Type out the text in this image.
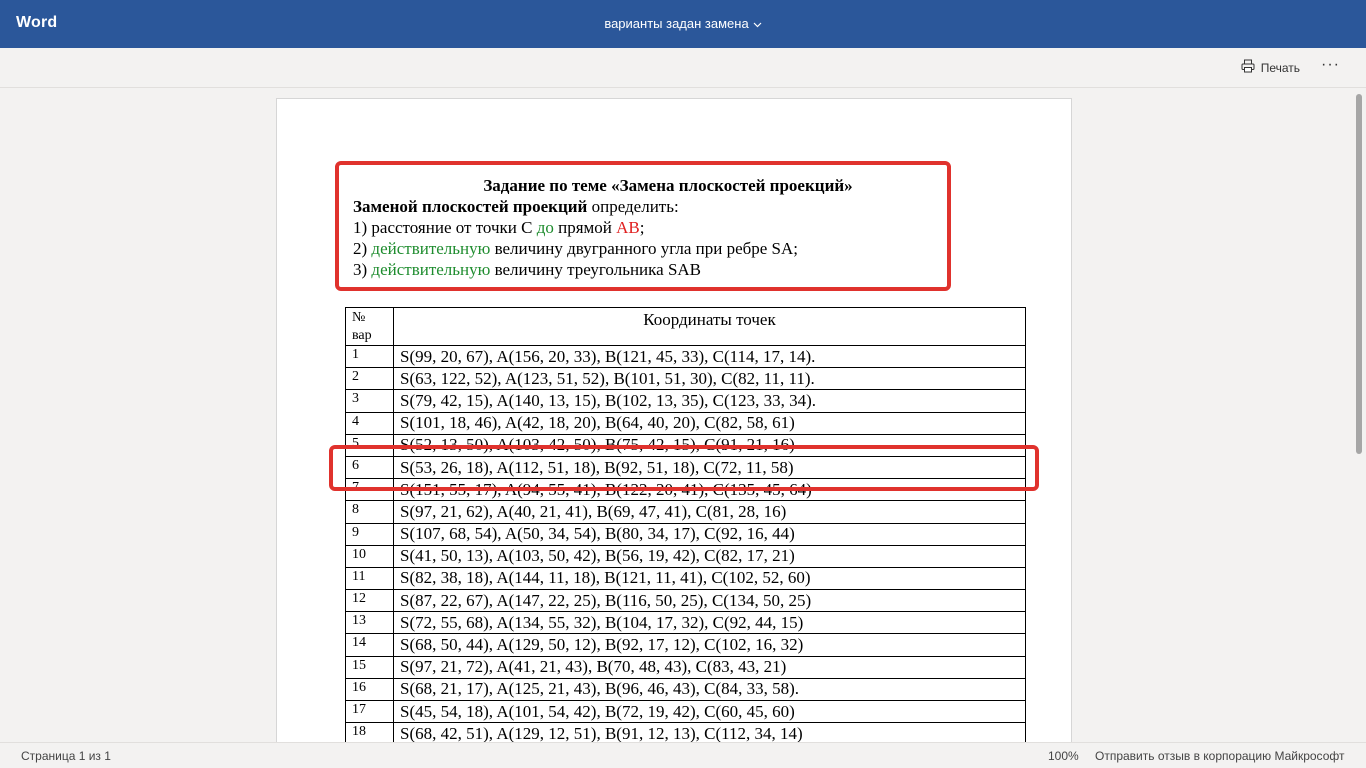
Word	варианты задан замена
Печать ···
Задание по теме «Замена плоскостей проекций»
Заменой плоскостей проекций определить:
1) расстояние от точки С до прямой АВ;
2) действительную величину двугранного угла при ребре SA;
3) действительную величину треугольника SAB
№
вар	Координаты точек
1	S(99, 20, 67), A(156, 20, 33), B(121, 45, 33), C(114, 17, 14).
2	S(63, 122, 52), A(123, 51, 52), B(101, 51, 30), C(82, 11, 11).
3	S(79, 42, 15), A(140, 13, 15), B(102, 13, 35), C(123, 33, 34).
4	S(101, 18, 46), A(42, 18, 20), B(64, 40, 20), C(82, 58, 61)
5	S(52, 13, 50), A(103, 42, 50), B(75, 42, 15), C(91, 21, 16)
6	S(53, 26, 18), A(112, 51, 18), B(92, 51, 18), C(72, 11, 58)
7	S(151, 55, 17), A(94, 55, 41), B(122, 20, 41), C(135, 45, 64)
8	S(97, 21, 62), A(40, 21, 41), B(69, 47, 41), C(81, 28, 16)
9	S(107, 68, 54), A(50, 34, 54), B(80, 34, 17), C(92, 16, 44)
10	S(41, 50, 13), A(103, 50, 42), B(56, 19, 42), C(82, 17, 21)
11	S(82, 38, 18), A(144, 11, 18), B(121, 11, 41), C(102, 52, 60)
12	S(87, 22, 67), A(147, 22, 25), B(116, 50, 25), C(134, 50, 25)
13	S(72, 55, 68), A(134, 55, 32), B(104, 17, 32), C(92, 44, 15)
14	S(68, 50, 44), A(129, 50, 12), B(92, 17, 12), C(102, 16, 32)
15	S(97, 21, 72), A(41, 21, 43), B(70, 48, 43), C(83, 43, 21)
16	S(68, 21, 17), A(125, 21, 43), B(96, 46, 43), C(84, 33, 58).
17	S(45, 54, 18), A(101, 54, 42), B(72, 19, 42), C(60, 45, 60)
18	S(68, 42, 51), A(129, 12, 51), B(91, 12, 13), C(112, 34, 14)
Страница 1 из 1	100% Отправить отзыв в корпорацию Майкрософт
